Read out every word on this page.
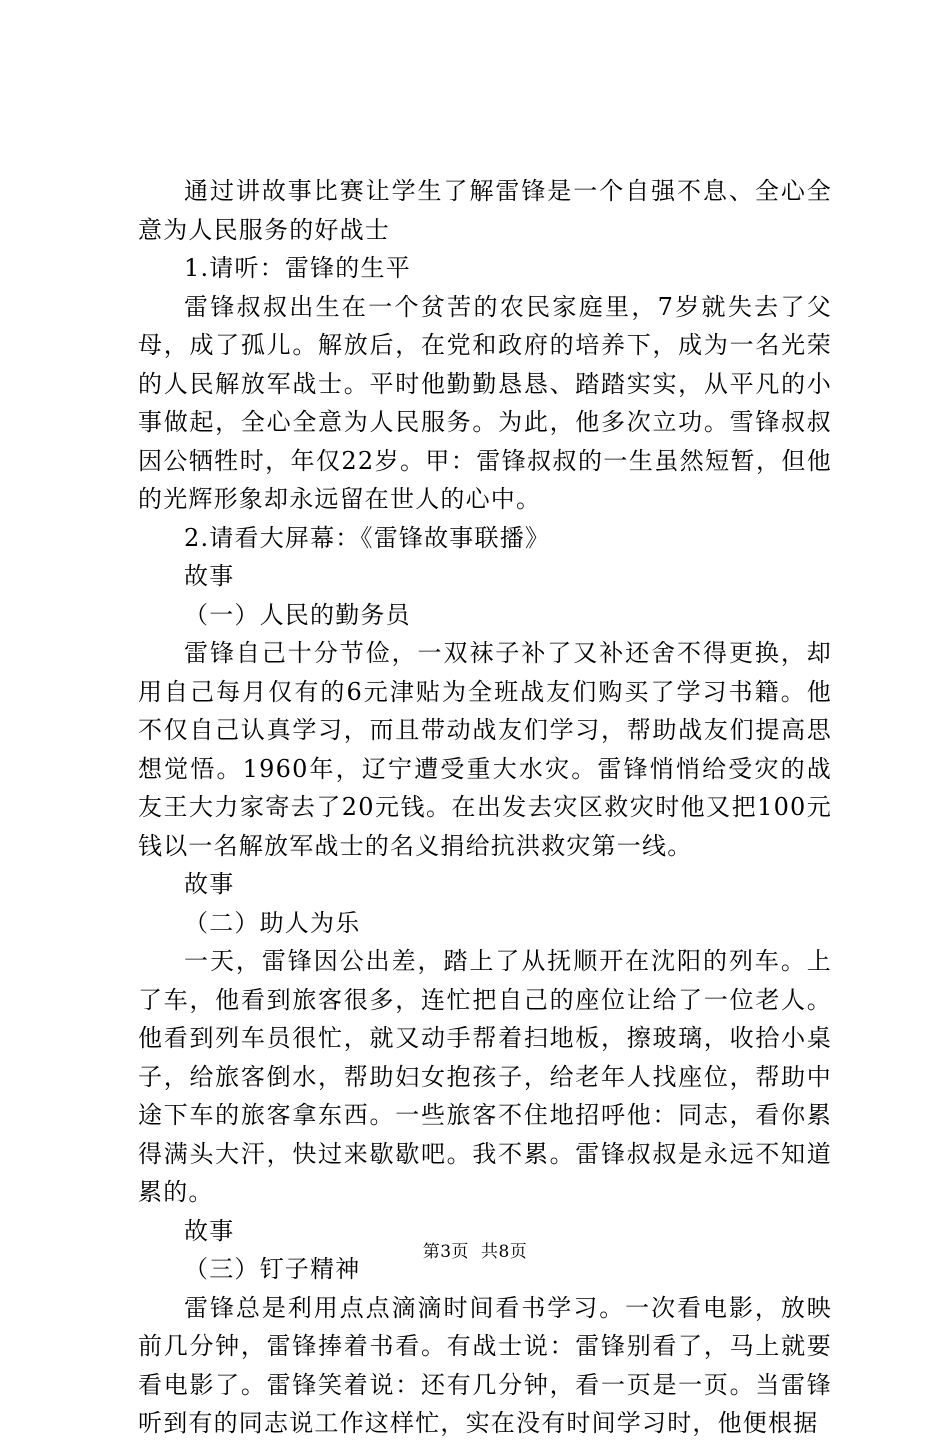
通过讲故事比赛让学生了解雷锋是一个自强不息、全心全意为人民服务的好战士

1.请听：雷锋的生平

雷锋叔叔出生在一个贫苦的农民家庭里，7岁就失去了父母，成了孤儿。解放后，在党和政府的培养下，成为一名光荣的人民解放军战士。平时他勤勤恳恳、踏踏实实，从平凡的小事做起，全心全意为人民服务。为此，他多次立功。雪锋叔叔因公牺牲时，年仅22岁。甲：雷锋叔叔的一生虽然短暂，但他的光辉形象却永远留在世人的心中。

2.请看大屏幕：《雷锋故事联播》

故事

（一）人民的勤务员

雷锋自己十分节俭，一双袜子补了又补还舍不得更换，却用自己每月仅有的6元津贴为全班战友们购买了学习书籍。他不仅自己认真学习，而且带动战友们学习，帮助战友们提高思想觉悟。1960年，辽宁遭受重大水灾。雷锋悄悄给受灾的战友王大力家寄去了20元钱。在出发去灾区救灾时他又把100元钱以一名解放军战士的名义捐给抗洪救灾第一线。

故事

（二）助人为乐

一天，雷锋因公出差，踏上了从抚顺开在沈阳的列车。上了车，他看到旅客很多，连忙把自己的座位让给了一位老人。他看到列车员很忙，就又动手帮着扫地板，擦玻璃，收拾小桌子，给旅客倒水，帮助妇女抱孩子，给老年人找座位，帮助中途下车的旅客拿东西。一些旅客不住地招呼他：同志，看你累得满头大汗，快过来歇歇吧。我不累。雷锋叔叔是永远不知道累的。

故事

（三）钉子精神

雷锋总是利用点点滴滴时间看书学习。一次看电影，放映前几分钟，雷锋捧着书看。有战士说：雷锋别看了，马上就要看电影了。雷锋笑着说：还有几分钟，看一页是一页。当雷锋听到有的同志说工作这样忙，实在没有时间学习时，他便根据

第3页 共8页
